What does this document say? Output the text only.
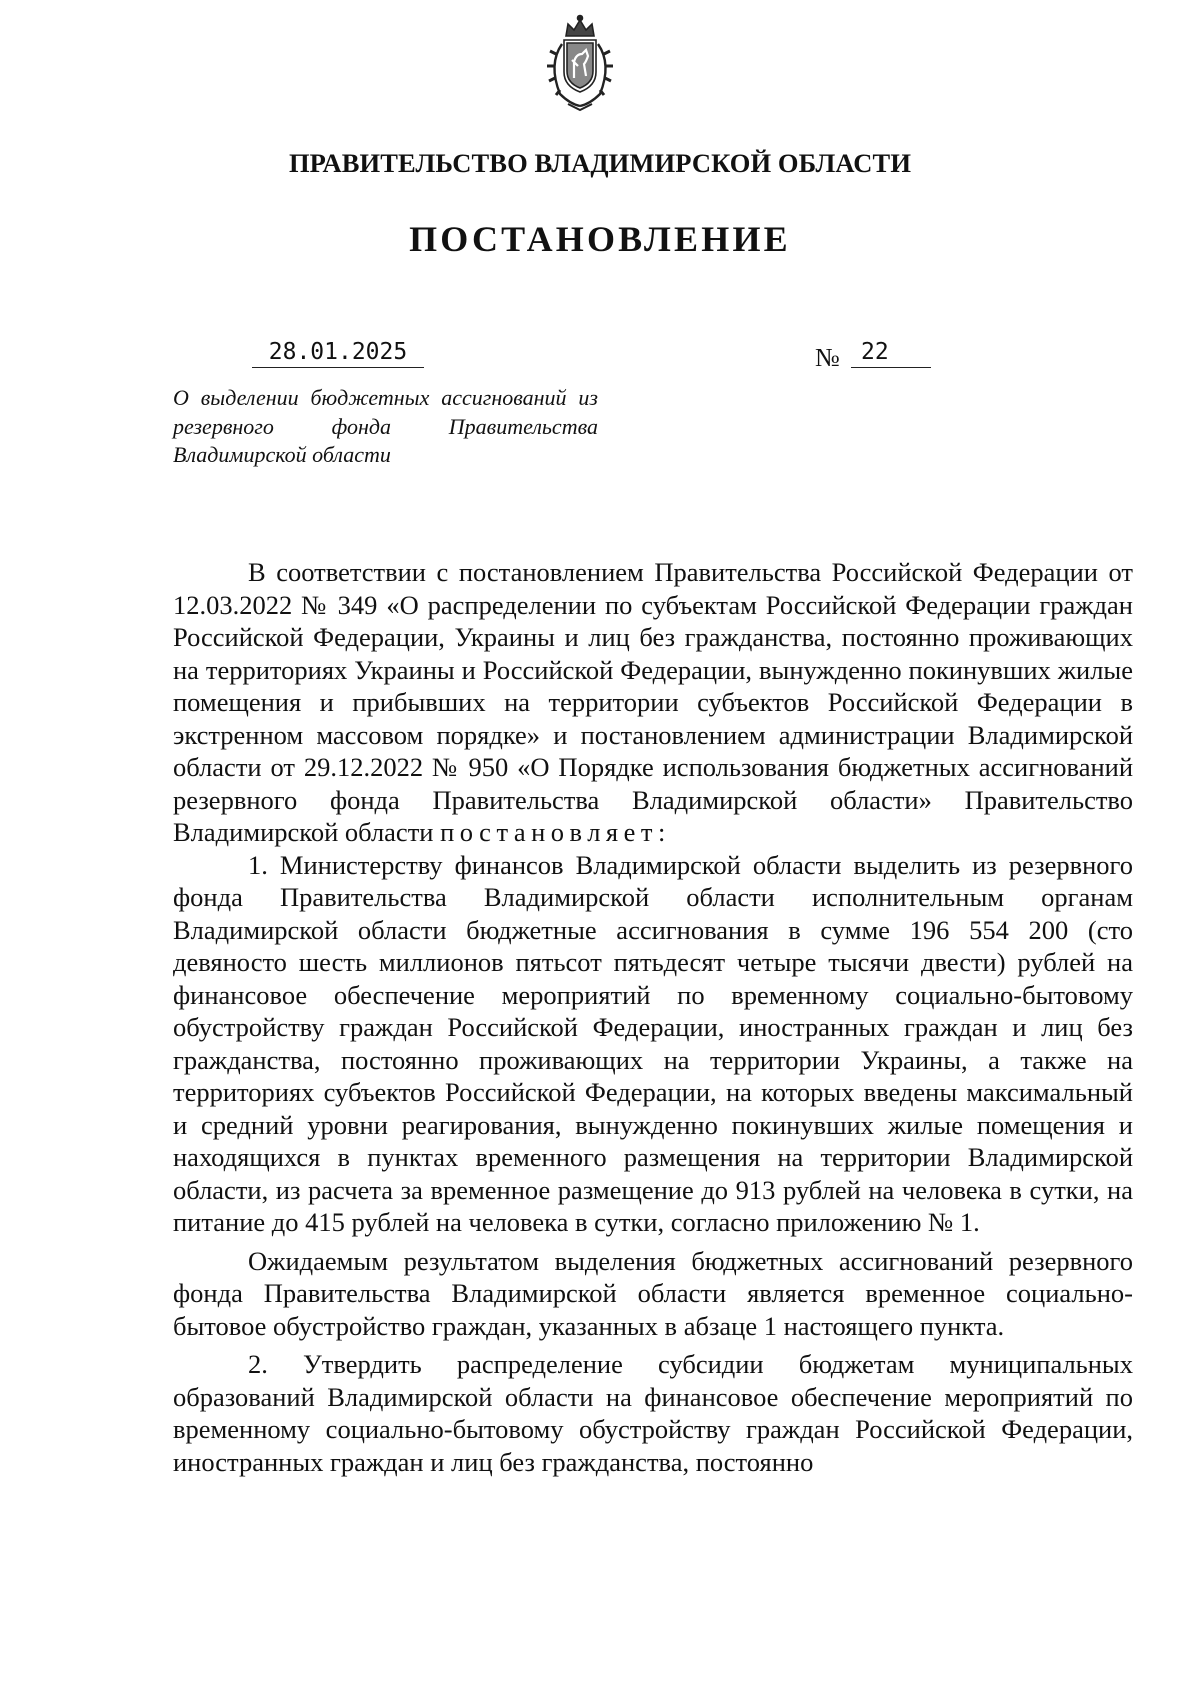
ПРАВИТЕЛЬСТВО ВЛАДИМИРСКОЙ ОБЛАСТИ
ПОСТАНОВЛЕНИЕ
28.01.2025	№ 22
О выделении бюджетных ассигнований из резервного фонда Правительства Владимирской области

В соответствии с постановлением Правительства Российской Федерации от 12.03.2022 № 349 «О распределении по субъектам Российской Федерации граждан Российской Федерации, Украины и лиц без гражданства, постоянно проживающих на территориях Украины и Российской Федерации, вынужденно покинувших жилые помещения и прибывших на территории субъектов Российской Федерации в экстренном массовом порядке» и постановлением администрации Владимирской области от 29.12.2022 № 950 «О Порядке использования бюджетных ассигнований резервного фонда Правительства Владимирской области» Правительство Владимирской области постановляет:

1. Министерству финансов Владимирской области выделить из резервного фонда Правительства Владимирской области исполнительным органам Владимирской области бюджетные ассигнования в сумме 196 554 200 (сто девяносто шесть миллионов пятьсот пятьдесят четыре тысячи двести) рублей на финансовое обеспечение мероприятий по временному социально-бытовому обустройству граждан Российской Федерации, иностранных граждан и лиц без гражданства, постоянно проживающих на территории Украины, а также на территориях субъектов Российской Федерации, на которых введены максимальный и средний уровни реагирования, вынужденно покинувших жилые помещения и находящихся в пунктах временного размещения на территории Владимирской области, из расчета за временное размещение до 913 рублей на человека в сутки, на питание до 415 рублей на человека в сутки, согласно приложению № 1.

Ожидаемым результатом выделения бюджетных ассигнований резервного фонда Правительства Владимирской области является временное социально-бытовое обустройство граждан, указанных в абзаце 1 настоящего пункта.

2. Утвердить распределение субсидии бюджетам муниципальных образований Владимирской области на финансовое обеспечение мероприятий по временному социально-бытовому обустройству граждан Российской Федерации, иностранных граждан и лиц без гражданства, постоянно
